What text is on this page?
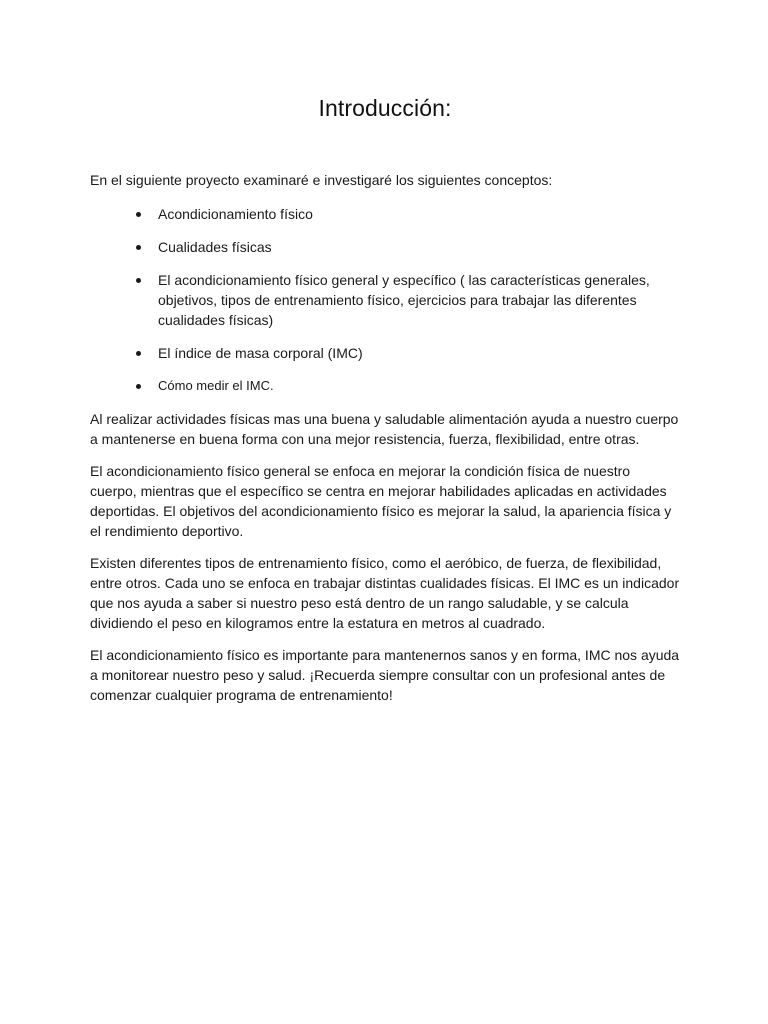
Introducción:

En el siguiente proyecto examinaré e investigaré los siguientes conceptos:

Acondicionamiento físico
Cualidades físicas
El acondicionamiento físico general y específico ( las características generales, objetivos, tipos de entrenamiento físico, ejercicios para trabajar las diferentes cualidades físicas)
El índice de masa corporal (IMC)
Cómo medir el IMC.

Al realizar actividades físicas mas una buena y saludable alimentación ayuda a nuestro cuerpo a mantenerse en buena forma con una mejor resistencia, fuerza, flexibilidad, entre otras.

El acondicionamiento físico general se enfoca en mejorar la condición física de nuestro cuerpo, mientras que el específico se centra en mejorar habilidades aplicadas en actividades deportidas. El objetivos del acondicionamiento físico es mejorar la salud, la apariencia física y el rendimiento deportivo.

Existen diferentes tipos de entrenamiento físico, como el aeróbico, de fuerza, de flexibilidad, entre otros. Cada uno se enfoca en trabajar distintas cualidades físicas. El IMC es un indicador que nos ayuda a saber si nuestro peso está dentro de un rango saludable, y se calcula dividiendo el peso en kilogramos entre la estatura en metros al cuadrado.

El acondicionamiento físico es importante para mantenernos sanos y en forma, IMC nos ayuda a monitorear nuestro peso y salud. ¡Recuerda siempre consultar con un profesional antes de comenzar cualquier programa de entrenamiento!
